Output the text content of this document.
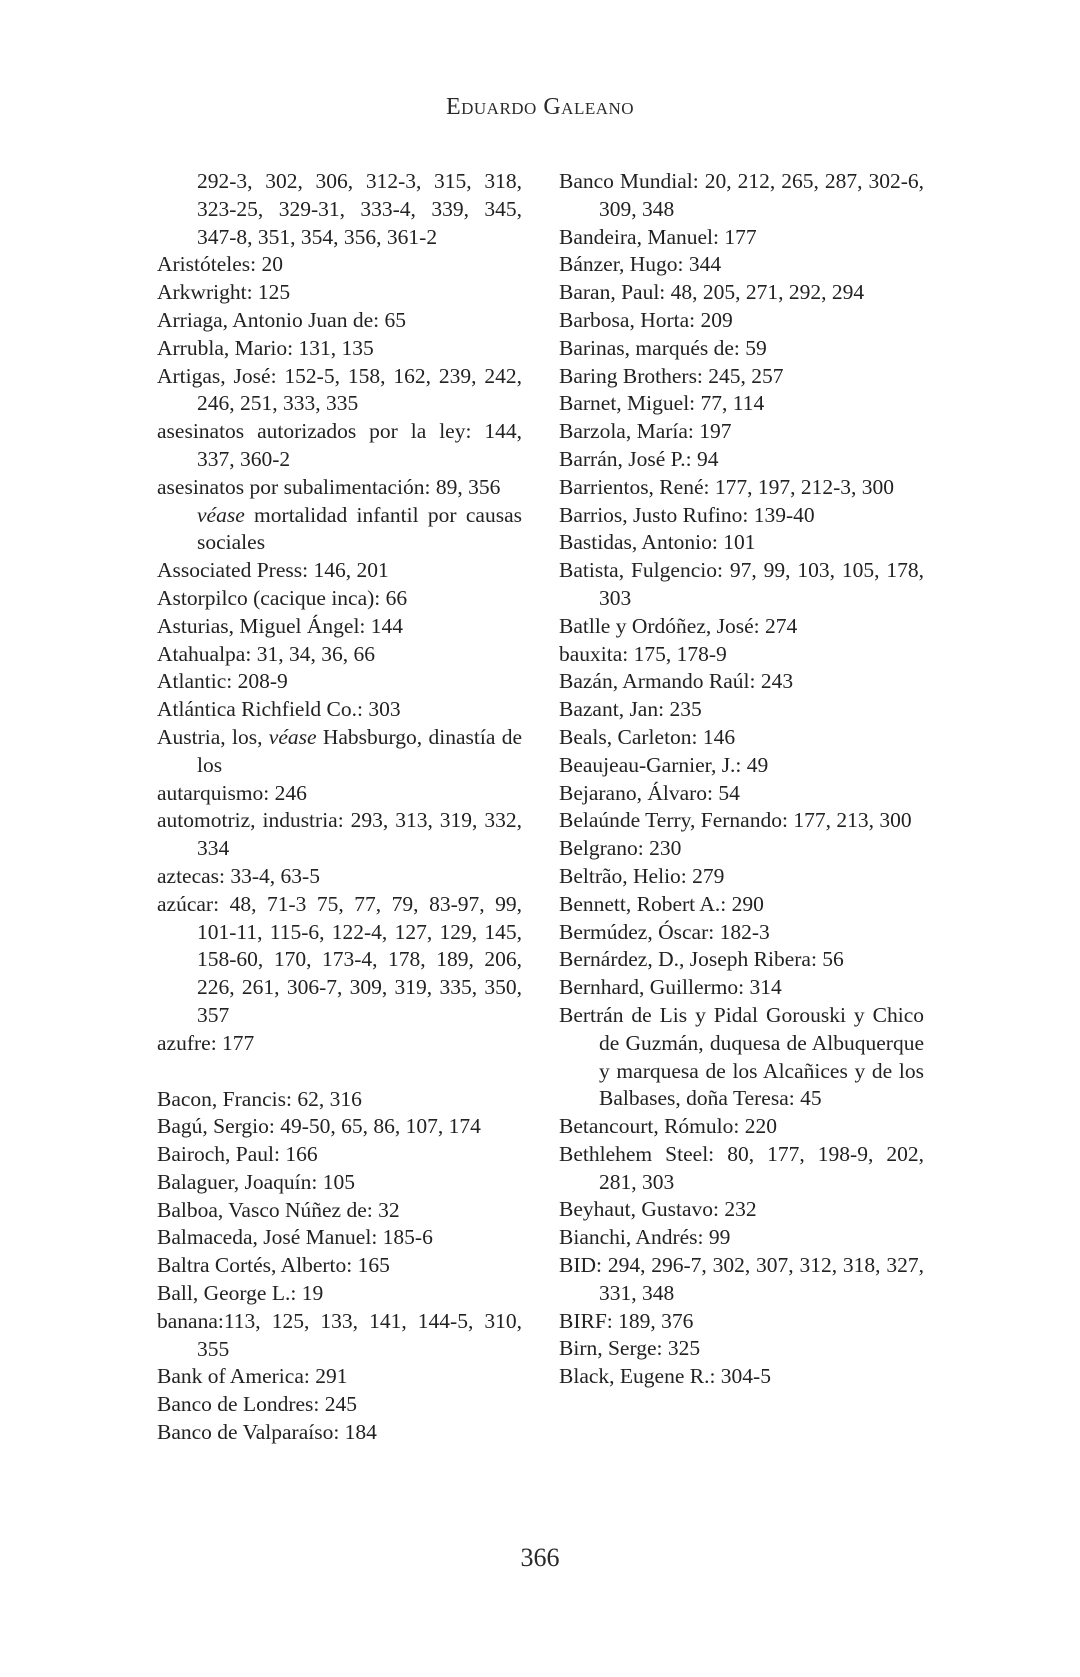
Eduardo Galeano
292-3, 302, 306, 312-3, 315, 318, 323-25, 329-31, 333-4, 339, 345, 347-8, 351, 354, 356, 361-2
Aristóteles: 20
Arkwright: 125
Arriaga, Antonio Juan de: 65
Arrubla, Mario: 131, 135
Artigas, José: 152-5, 158, 162, 239, 242, 246, 251, 333, 335
asesinatos autorizados por la ley: 144, 337, 360-2
asesinatos por subalimentación: 89, 356
véase mortalidad infantil por causas sociales
Associated Press: 146, 201
Astorpilco (cacique inca): 66
Asturias, Miguel Ángel: 144
Atahualpa: 31, 34, 36, 66
Atlantic: 208-9
Atlántica Richfield Co.: 303
Austria, los, véase Habsburgo, dinastía de los
autarquismo: 246
automotriz, industria: 293, 313, 319, 332, 334
aztecas: 33-4, 63-5
azúcar: 48, 71-3 75, 77, 79, 83-97, 99, 101-11, 115-6, 122-4, 127, 129, 145, 158-60, 170, 173-4, 178, 189, 206, 226, 261, 306-7, 309, 319, 335, 350, 357
azufre: 177
Bacon, Francis: 62, 316
Bagú, Sergio: 49-50, 65, 86, 107, 174
Bairoch, Paul: 166
Balaguer, Joaquín: 105
Balboa, Vasco Núñez de: 32
Balmaceda, José Manuel: 185-6
Baltra Cortés, Alberto: 165
Ball, George L.: 19
banana:113, 125, 133, 141, 144-5, 310, 355
Bank of America: 291
Banco de Londres: 245
Banco de Valparaíso: 184
Banco Mundial: 20, 212, 265, 287, 302-6, 309, 348
Bandeira, Manuel: 177
Bánzer, Hugo: 344
Baran, Paul: 48, 205, 271, 292, 294
Barbosa, Horta: 209
Barinas, marqués de: 59
Baring Brothers: 245, 257
Barnet, Miguel: 77, 114
Barzola, María: 197
Barrán, José P.: 94
Barrientos, René: 177, 197, 212-3, 300
Barrios, Justo Rufino: 139-40
Bastidas, Antonio: 101
Batista, Fulgencio: 97, 99, 103, 105, 178, 303
Batlle y Ordóñez, José: 274
bauxita: 175, 178-9
Bazán, Armando Raúl: 243
Bazant, Jan: 235
Beals, Carleton: 146
Beaujeau-Garnier, J.: 49
Bejarano, Álvaro: 54
Belaúnde Terry, Fernando: 177, 213, 300
Belgrano: 230
Beltrão, Helio: 279
Bennett, Robert A.: 290
Bermúdez, Óscar: 182-3
Bernárdez, D., Joseph Ribera: 56
Bernhard, Guillermo: 314
Bertrán de Lis y Pidal Gorouski y Chico de Guzmán, duquesa de Albuquerque y marquesa de los Alcañices y de los Balbases, doña Teresa: 45
Betancourt, Rómulo: 220
Bethlehem Steel: 80, 177, 198-9, 202, 281, 303
Beyhaut, Gustavo: 232
Bianchi, Andrés: 99
BID: 294, 296-7, 302, 307, 312, 318, 327, 331, 348
BIRF: 189, 376
Birn, Serge: 325
Black, Eugene R.: 304-5
366
